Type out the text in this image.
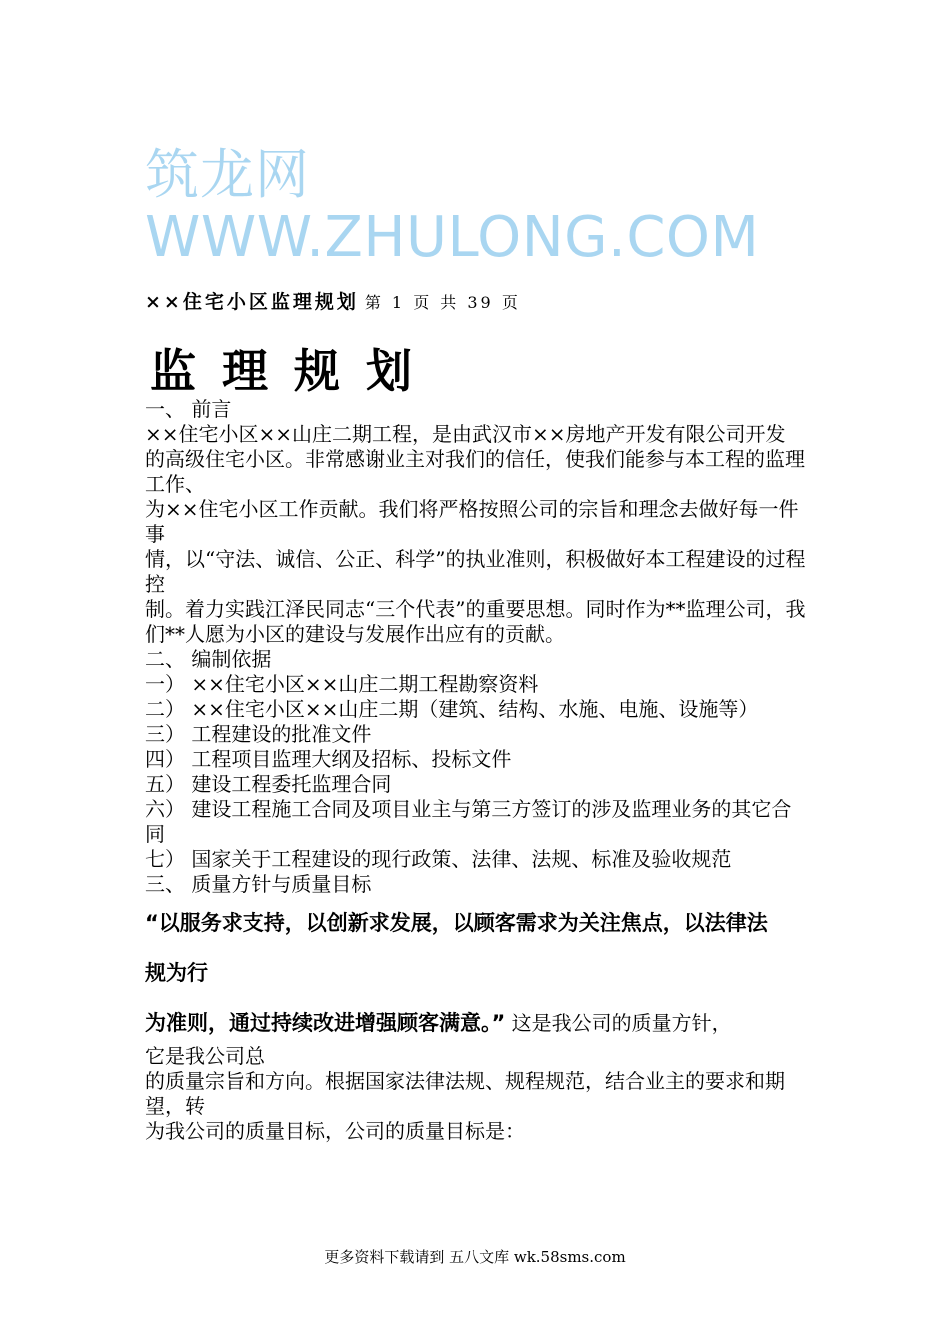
筑龙网
WWW.ZHULONG.COM
××住宅小区监理规划 第 1 页 共 39 页
监理规划

一、 前言

××住宅小区××山庄二期工程，是由武汉市××房地产开发有限公司开发

的高级住宅小区。非常感谢业主对我们的信任，使我们能参与本工程的监理工作、

为××住宅小区工作贡献。我们将严格按照公司的宗旨和理念去做好每一件事

情，以“守法、诚信、公正、科学”的执业准则，积极做好本工程建设的过程控

制。着力实践江泽民同志“三个代表”的重要思想。同时作为**监理公司，我

们**人愿为小区的建设与发展作出应有的贡献。

二、 编制依据

一） ××住宅小区××山庄二期工程勘察资料

二） ××住宅小区××山庄二期（建筑、结构、水施、电施、设施等）

三） 工程建设的批准文件

四） 工程项目监理大纲及招标、投标文件

五） 建设工程委托监理合同

六） 建设工程施工合同及项目业主与第三方签订的涉及监理业务的其它合同

七） 国家关于工程建设的现行政策、法律、法规、标准及验收规范

三、 质量方针与质量目标

“以服务求支持，以创新求发展，以顾客需求为关注焦点，以法律法

规为行

为准则，通过持续改进增强顾客满意。” 这是我公司的质量方针，

它是我公司总

的质量宗旨和方向。根据国家法律法规、规程规范，结合业主的要求和期望，转

为我公司的质量目标，公司的质量目标是：

更多资料下载请到 五八文库 wk.58sms.com
